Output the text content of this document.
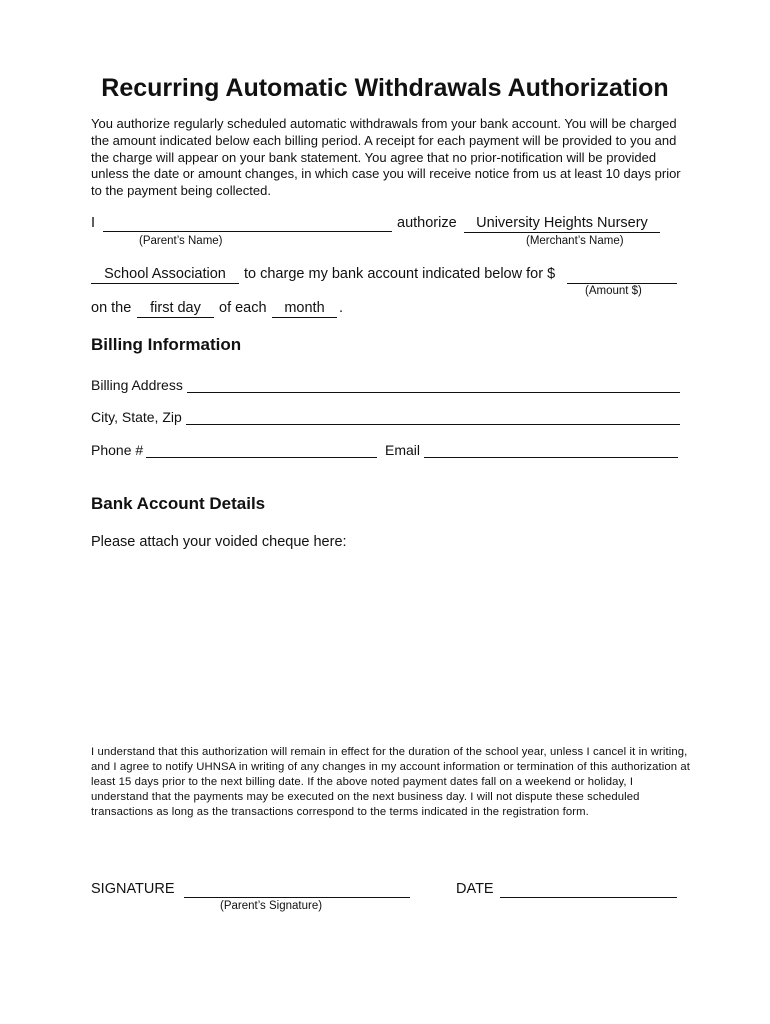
Recurring Automatic Withdrawals Authorization
You authorize regularly scheduled automatic withdrawals from your bank account. You will be charged the amount indicated below each billing period. A receipt for each payment will be provided to you and the charge will appear on your bank statement. You agree that no prior-notification will be provided unless the date or amount changes, in which case you will receive notice from us at least 10 days prior to the payment being collected.
I	authorize	University Heights Nursery
(Parent’s Name)	(Merchant’s Name)
School Association	to charge my bank account indicated below for $
(Amount $)
on the	first day	of each	month .
Billing Information
Billing Address
City, State, Zip
Phone #	Email
Bank Account Details
Please attach your voided cheque here:
I understand that this authorization will remain in effect for the duration of the school year, unless I cancel it in writing, and I agree to notify UHNSA in writing of any changes in my account information or termination of this authorization at least 15 days prior to the next billing date. If the above noted payment dates fall on a weekend or holiday, I understand that the payments may be executed on the next business day. I will not dispute these scheduled transactions as long as the transactions correspond to the terms indicated in the registration form.
SIGNATURE
(Parent’s Signature)
DATE
